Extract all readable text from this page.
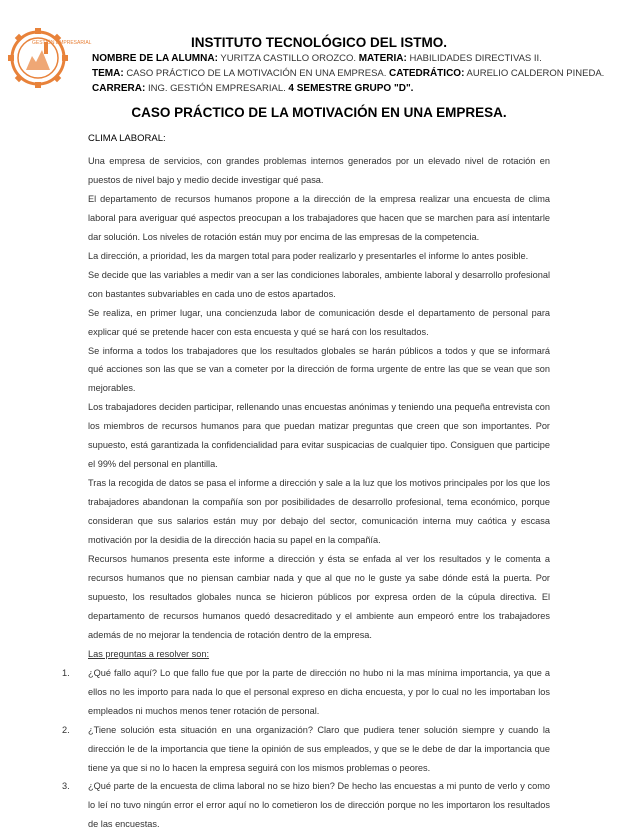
GESTIÓN EMPRESARIAL	INSTITUTO TECNOLÓGICO DEL ISTMO.
NOMBRE DE LA ALUMNA: YURITZA CASTILLO OROZCO. MATERIA: HABILIDADES DIRECTIVAS II.
TEMA: CASO PRÁCTICO DE LA MOTIVACIÓN EN UNA EMPRESA. CATEDRÁTICO: AURELIO CALDERON PINEDA.
CARRERA: ING. GESTIÓN EMPRESARIAL. 4 SEMESTRE GRUPO "D".
CASO PRÁCTICO DE LA MOTIVACIÓN EN UNA EMPRESA.
CLIMA LABORAL:

Una empresa de servicios, con grandes problemas internos generados por un elevado nivel de rotación en puestos de nivel bajo y medio decide investigar qué pasa.

El departamento de recursos humanos propone a la dirección de la empresa realizar una encuesta de clima laboral para averiguar qué aspectos preocupan a los trabajadores que hacen que se marchen para así intentarle dar solución. Los niveles de rotación están muy por encima de las empresas de la competencia.

La dirección, a prioridad, les da margen total para poder realizarlo y presentarles el informe lo antes posible.

Se decide que las variables a medir van a ser las condiciones laborales, ambiente laboral y desarrollo profesional con bastantes subvariables en cada uno de estos apartados.

Se realiza, en primer lugar, una concienzuda labor de comunicación desde el departamento de personal para explicar qué se pretende hacer con esta encuesta y qué se hará con los resultados.

Se informa a todos los trabajadores que los resultados globales se harán públicos a todos y que se informará qué acciones son las que se van a cometer por la dirección de forma urgente de entre las que se vean que son mejorables.

Los trabajadores deciden participar, rellenando unas encuestas anónimas y teniendo una pequeña entrevista con los miembros de recursos humanos para que puedan matizar preguntas que creen que son importantes. Por supuesto, está garantizada la confidencialidad para evitar suspicacias de cualquier tipo. Consiguen que participe el 99% del personal en plantilla.

Tras la recogida de datos se pasa el informe a dirección y sale a la luz que los motivos principales por los que los trabajadores abandonan la compañía son por posibilidades de desarrollo profesional, tema económico, porque consideran que sus salarios están muy por debajo del sector, comunicación interna muy caótica y escasa motivación por la desidia de la dirección hacia su papel en la compañía.

Recursos humanos presenta este informe a dirección y ésta se enfada al ver los resultados y le comenta a recursos humanos que no piensan cambiar nada y que al que no le guste ya sabe dónde está la puerta. Por supuesto, los resultados globales nunca se hicieron públicos por expresa orden de la cúpula directiva. El departamento de recursos humanos quedó desacreditado y el ambiente aun empeoró entre los trabajadores además de no mejorar la tendencia de rotación dentro de la empresa.

Las preguntas a resolver son:

1. ¿Qué fallo aquí? Lo que fallo fue que por la parte de dirección no hubo ni la mas mínima importancia, ya que a ellos no les importo para nada lo que el personal expreso en dicha encuesta, y por lo cual no les importaban los empleados ni muchos menos tener rotación de personal.
2. ¿Tiene solución esta situación en una organización? Claro que pudiera tener solución siempre y cuando la dirección le de la importancia que tiene la opinión de sus empleados, y que se le debe de dar la importancia que tiene ya que si no lo hacen la empresa seguirá con los mismos problemas o peores.
3. ¿Qué parte de la encuesta de clima laboral no se hizo bien? De hecho las encuestas a mi punto de verlo y como lo leí no tuvo ningún error el error aquí no lo cometieron los de dirección porque no les importaron los resultados de las encuestas.
